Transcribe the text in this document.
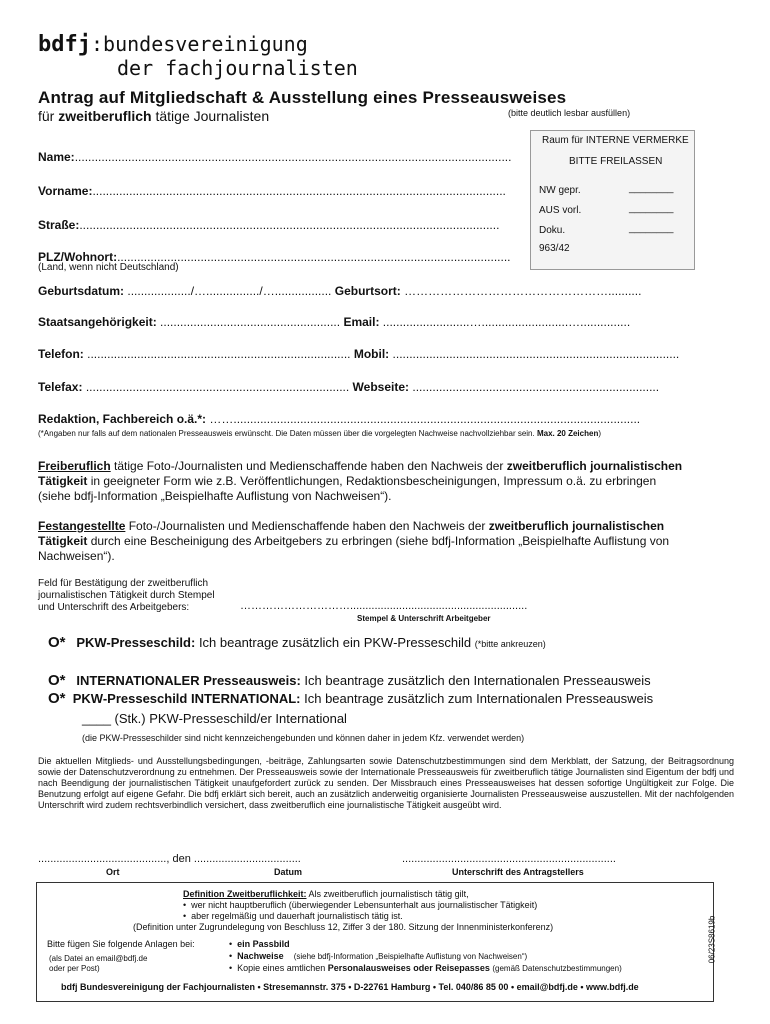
bdfj:bundesvereinigung
der fachjournalisten
Antrag auf Mitgliedschaft & Ausstellung eines Presseausweises
für zweitberuflich tätige Journalisten	(bitte deutlich lesbar ausfüllen)
Raum für INTERNE VERMERKE
BITTE FREILASSEN
NW gepr.	________
AUS vorl.	________
Doku.	________
963/42
Name:...................................................................................................................................
Vorname:............................................................................................................................
Straße:..............................................................................................................................
PLZ/Wohnort:......................................................................................................................
(Land, wenn nicht Deutschland)
Geburtsdatum: .................../…................/…................. Geburtsort: ……………………………………………..........
Staatsangehörigkeit: ...................................................... Email: ..........................…..........................…...............
Telefon: ............................................................................... Mobil: ......................................................................................
Telefax: ............................................................................... Webseite: ..........................................................................
Redaktion, Fachbereich o.ä.*: ……..........................................................................................................................
(*Angaben nur falls auf dem nationalen Presseausweis erwünscht. Die Daten müssen über die vorgelegten Nachweise nachvollziehbar sein. Max. 20 Zeichen)
Freiberuflich tätige Foto-/Journalisten und Medienschaffende haben den Nachweis der zweitberuflich journalistischen
Tätigkeit in geeigneter Form wie z.B. Veröffentlichungen, Redaktionsbescheinigungen, Impressum o.ä. zu erbringen
(siehe bdfj-Information „Beispielhafte Auflistung von Nachweisen“).
Festangestellte Foto-/Journalisten und Medienschaffende haben den Nachweis der zweitberuflich journalistischen
Tätigkeit durch eine Bescheinigung des Arbeitgebers zu erbringen (siehe bdfj-Information „Beispielhafte Auflistung von
Nachweisen“).
Feld für Bestätigung der zweitberuflich
journalistischen Tätigkeit durch Stempel
und Unterschrift des Arbeitgebers:	…………………………..........................................................
Stempel & Unterschrift Arbeitgeber
O* PKW-Presseschild: Ich beantrage zusätzlich ein PKW-Presseschild (*bitte ankreuzen)
O* INTERNATIONALER Presseausweis: Ich beantrage zusätzlich den Internationalen Presseausweis
O* PKW-Presseschild INTERNATIONAL: Ich beantrage zusätzlich zum Internationalen Presseausweis
____ (Stk.) PKW-Presseschild/er International
(die PKW-Presseschilder sind nicht kennzeichengebunden und können daher in jedem Kfz. verwendet werden)
Die aktuellen Mitglieds- und Ausstellungsbedingungen, -beiträge, Zahlungsarten sowie Datenschutzbestimmungen sind dem Merkblatt, der Satzung, der Beitragsordnung sowie der Datenschutzverordnung zu entnehmen. Der Presseausweis sowie der Internationale Presseausweis für zweitberuflich tätige Journalisten sind Eigentum der bdfj und nach Beendigung der journalistischen Tätigkeit unaufgefordert zurück zu senden. Der Missbrauch eines Presseausweises hat dessen sofortige Ungültigkeit zur Folge. Die Benutzung erfolgt auf eigene Gefahr. Die bdfj erklärt sich bereit, auch an zusätzlich anderweitig organisierte Journalisten Presseausweise auszustellen. Mit der nachfolgenden Unterschrift wird zudem rechtsverbindlich versichert, dass zweitberuflich eine journalistische Tätigkeit ausgeübt wird.
.........................................., den ...................................	......................................................................
Ort	Datum	Unterschrift des Antragstellers
Definition Zweitberuflichkeit: Als zweitberuflich journalistisch tätig gilt,
•  wer nicht hauptberuflich (überwiegender Lebensunterhalt aus journalistischer Tätigkeit)
•  aber regelmäßig und dauerhaft journalistisch tätig ist.
(Definition unter Zugrundelegung von Beschluss 12, Ziffer 3 der 180. Sitzung der Innenministerkonferenz)
Bitte fügen Sie folgende Anlagen bei:
(als Datei an email@bdfj.de
oder per Post)
•  ein Passbild
•  Nachweise (siehe bdfj-Information „Beispielhafte Auflistung von Nachweisen“)
•  Kopie eines amtlichen Personalausweises oder Reisepasses (gemäß Datenschutzbestimmungen)
bdfj Bundesvereinigung der Fachjournalisten • Stresemannstr. 375 • D-22761 Hamburg • Tel. 040/86 85 00 • email@bdfj.de • www.bdfj.de
06/23S8619b
